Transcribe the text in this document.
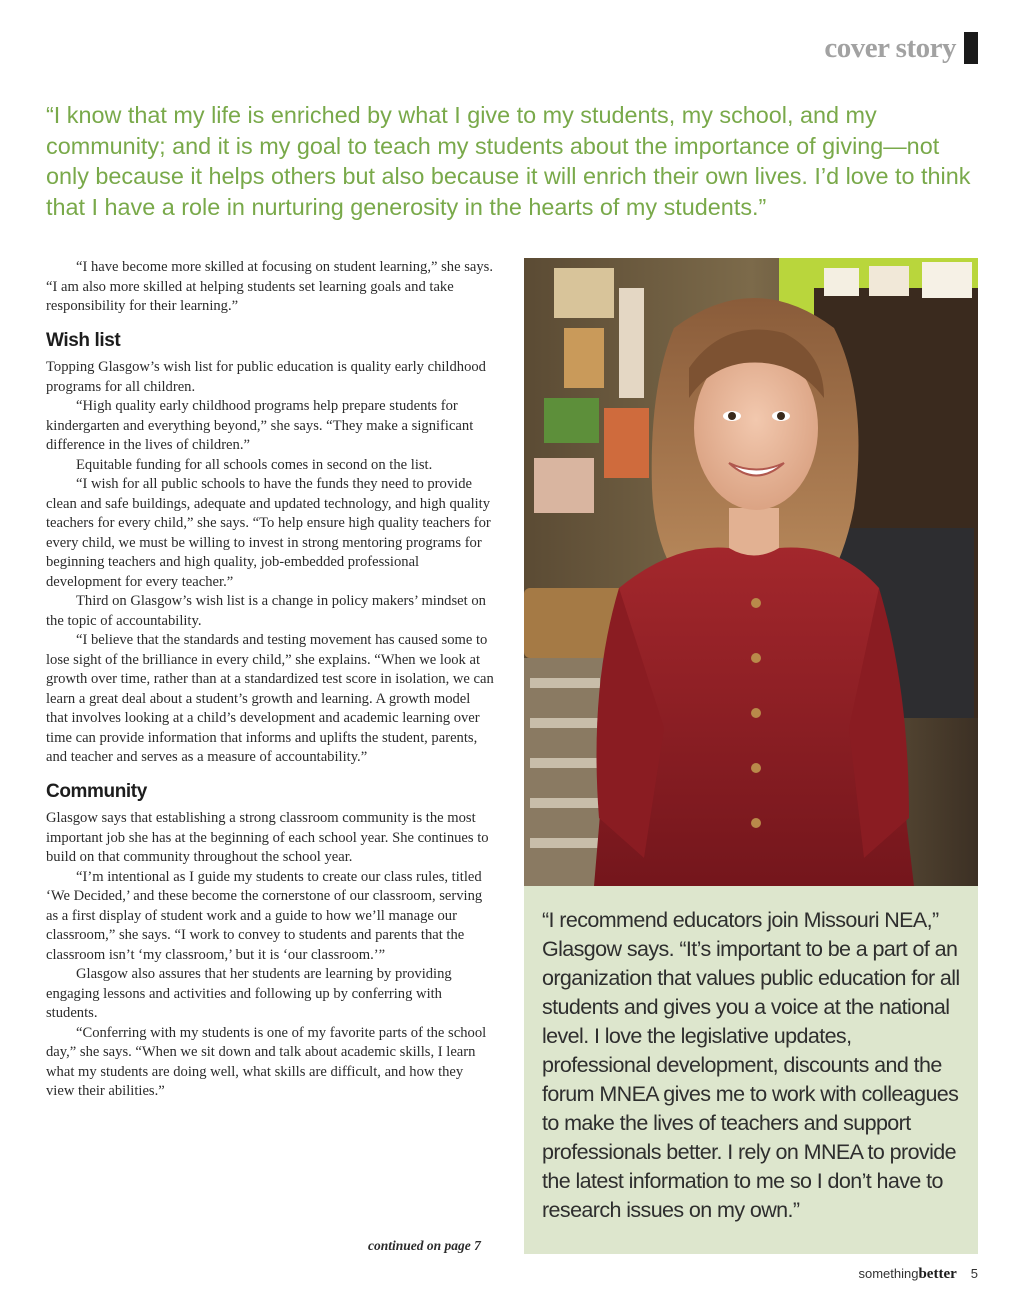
cover story

“I know that my life is enriched by what I give to my students, my school, and my community; and it is my goal to teach my students about the importance of giving—not only because it helps others but also because it will enrich their own lives. I’d love to think that I have a role in nurturing generosity in the hearts of my students.”

“I have become more skilled at focusing on student learning,” she says. “I am also more skilled at helping students set learning goals and take responsibility for their learning.”

Wish list

Topping Glasgow’s wish list for public education is quality early childhood programs for all children.

“High quality early childhood programs help prepare students for kindergarten and everything beyond,” she says. “They make a significant difference in the lives of children.”

Equitable funding for all schools comes in second on the list.

“I wish for all public schools to have the funds they need to provide clean and safe buildings, adequate and updated technology, and high quality teachers for every child,” she says. “To help ensure high quality teachers for every child, we must be willing to invest in strong mentoring programs for beginning teachers and high quality, job-embedded professional development for every teacher.”

Third on Glasgow’s wish list is a change in policy makers’ mindset on the topic of accountability.

“I believe that the standards and testing movement has caused some to lose sight of the brilliance in every child,” she explains. “When we look at growth over time, rather than at a standardized test score in isolation, we can learn a great deal about a student’s growth and learning. A growth model that involves looking at a child’s development and academic learning over time can provide information that informs and uplifts the student, parents, and teacher and serves as a measure of accountability.”

Community

Glasgow says that establishing a strong classroom community is the most important job she has at the beginning of each school year. She continues to build on that community throughout the school year.

“I’m intentional as I guide my students to create our class rules, titled ‘We Decided,’ and these become the cornerstone of our classroom, serving as a first display of student work and a guide to how we’ll manage our classroom,” she says. “I work to convey to students and parents that the classroom isn’t ‘my classroom,’ but it is ‘our classroom.’”

Glasgow also assures that her students are learning by providing engaging lessons and activities and following up by conferring with students.

“Conferring with my students is one of my favorite parts of the school day,” she says. “When we sit down and talk about academic skills, I learn what my students are doing well, what skills are difficult, and how they view their abilities.”

continued on page 7

“I recommend educators join Missouri NEA,” Glasgow says. “It’s important to be a part of an organization that values public education for all students and gives you a voice at the national level. I love the legislative updates, professional development, discounts and the forum MNEA gives me to work with colleagues to make the lives of teachers and support professionals better. I rely on MNEA to provide the latest information to me so I don’t have to research issues on my own.”

something better 5
